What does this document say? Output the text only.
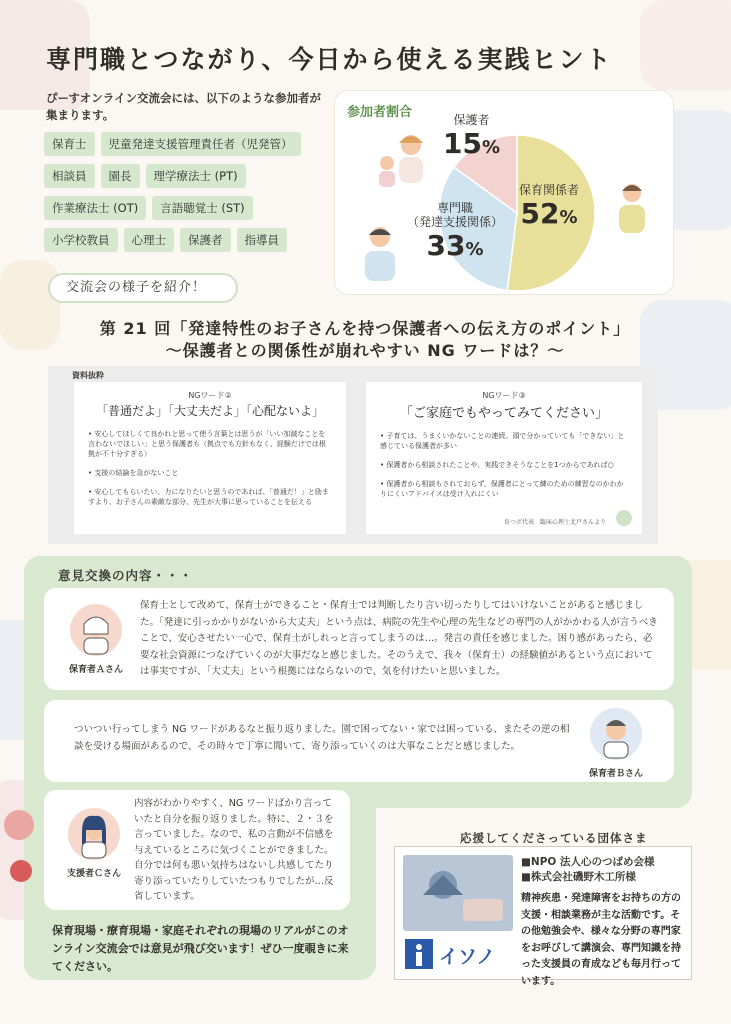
専門職とつながり、今日から使える実践ヒント

ぴーすオンライン交流会には、以下のような参加者が集まります。

保育士	児童発達支援管理責任者（児発管）
相談員	園長	理学療法士 (PT)
作業療法士 (OT)	言語聴覚士 (ST)
小学校教員	心理士	保護者	指導員
参加者割合	保護者
15%
専門職
（発達支援関係）
33%
保育関係者
52%
交流会の様子を紹介！
第 21 回「発達特性のお子さんを持つ保護者への伝え方のポイント」
～保護者との関係性が崩れやすい NG ワードは？～
資料抜粋
NGワード②
「普通だよ」「大丈夫だよ」「心配ないよ」
• 安心してほしくて良かれと思って使う言葉とは思うが「いい加減なことを言わないでほしい」と思う保護者も（拠点でも方針もなく、経験だけでは根拠が不十分すぎる）
• 支援の結論を急がないこと
• 安心してもらいたい、力になりたいと思うのであれば、「普通だ！」と励ますより、お子さんの素敵な部分、先生が大事に思っていることを伝える
NGワード③
「ご家庭でもやってみてください」
• 子育ては、うまくいかないことの連続。頭で分かっていても「できない」と感じている保護者が多い
• 保護者から相談されたことや、実践できそうなことを1つからであれば○
• 保護者から相談もされておらず、保護者にとって練のための練習なのかわかりにくいアドバイスは受け入れにくい
育つボ代表　臨床心理士北戸さんより
意見交換の内容・・・
保育者Ａさん
保育士として改めて、保育士ができること・保育士では判断したり言い切ったりしてはいけないことがあると感じました。「発達に引っかかりがないから大丈夫」という点は、病院の先生や心理の先生などの専門の人がかかわる人が言うべきことで、安心させたい一心で、保育士がしれっと言ってしまうのは…。発言の責任を感じました。困り感があったら、必要な社会資源につなげていくのが大事だなと感じました。そのうえで、我々（保育士）の経験値があるという点においては事実ですが、「大丈夫」という根拠にはならないので、気を付けたいと思いました。
ついつい行ってしまう NG ワードがあるなと振り返りました。園で困ってない・家では困っている、またその逆の相談を受ける場面があるので、その時々で丁寧に聞いて、寄り添っていくのは大事なことだと感じました。
保育者Ｂさん
支援者Ｃさん
内容がわかりやすく、NG ワードばかり言っていたと自分を振り返りました。特に、２・３を言っていました。なので、私の言動が不信感を与えているところに気づくことができました。自分では何も悪い気持ちはないし共感してたり寄り添っていたりしていたつもりでしたが…反省しています。
保育現場・療育現場・家庭それぞれの現場のリアルがこのオンライン交流会では意見が飛び交います！ぜひ一度覗きに来てください。
応援してくださっている団体さま
イソノ
■NPO 法人心のつばめ会様
■株式会社磯野木工所様
精神疾患・発達障害をお持ちの方の支援・相談業務が主な活動です。その他勉強会や、様々な分野の専門家をお呼びして講演会、専門知識を持った支援員の育成なども毎月行っています。
